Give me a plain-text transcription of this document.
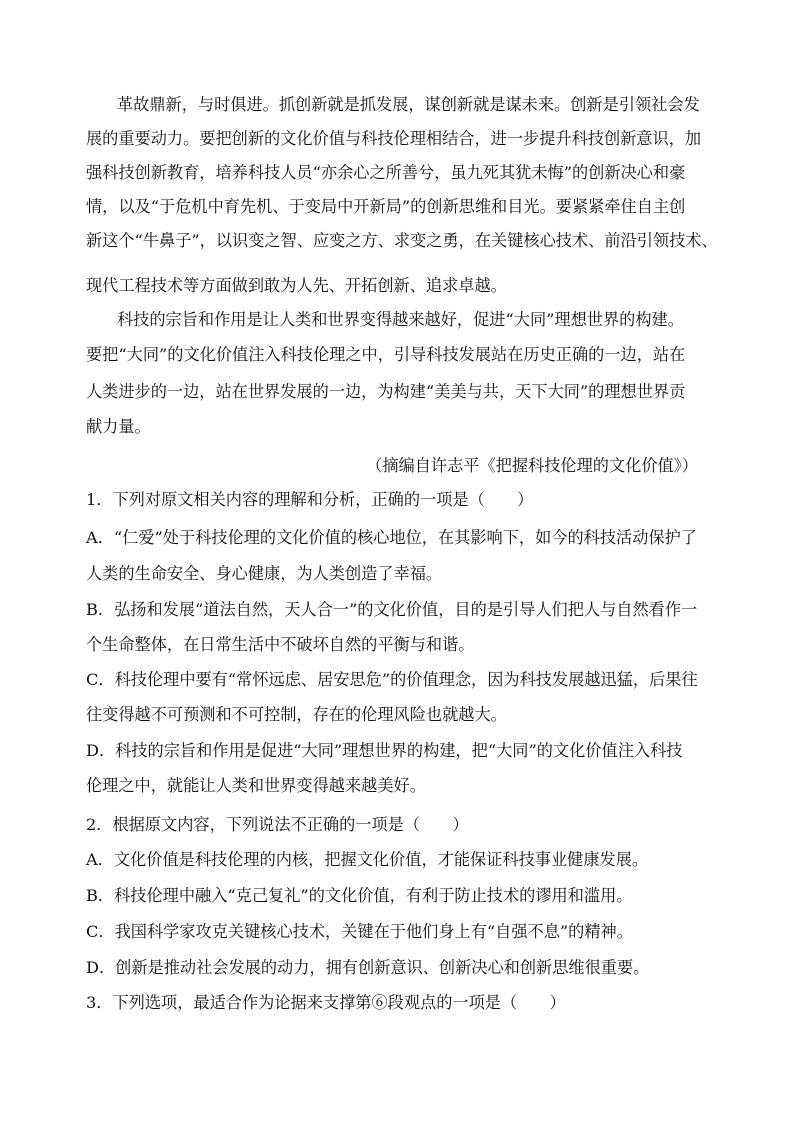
革故鼎新，与时俱进。抓创新就是抓发展，谋创新就是谋未来。创新是引领社会发
展的重要动力。要把创新的文化价值与科技伦理相结合，进一步提升科技创新意识，加
强科技创新教育，培养科技人员“亦余心之所善兮，虽九死其犹未悔”的创新决心和豪
情，以及“于危机中育先机、于变局中开新局”的创新思维和目光。要紧紧牵住自主创
新这个“牛鼻子”，以识变之智、应变之方、求变之勇，在关键核心技术、前沿引领技术、
现代工程技术等方面做到敢为人先、开拓创新、追求卓越。
科技的宗旨和作用是让人类和世界变得越来越好，促进“大同”理想世界的构建。
要把“大同”的文化价值注入科技伦理之中，引导科技发展站在历史正确的一边，站在
人类进步的一边，站在世界发展的一边，为构建“美美与共，天下大同”的理想世界贡
献力量。
（摘编自许志平《把握科技伦理的文化价值》）
1．下列对原文相关内容的理解和分析，正确的一项是（　　）
A．“仁爱”处于科技伦理的文化价值的核心地位，在其影响下，如今的科技活动保护了
人类的生命安全、身心健康，为人类创造了幸福。
B．弘扬和发展“道法自然，天人合一”的文化价值，目的是引导人们把人与自然看作一
个生命整体，在日常生活中不破坏自然的平衡与和谐。
C．科技伦理中要有“常怀远虑、居安思危”的价值理念，因为科技发展越迅猛，后果往
往变得越不可预测和不可控制，存在的伦理风险也就越大。
D．科技的宗旨和作用是促进“大同”理想世界的构建，把“大同”的文化价值注入科技
伦理之中，就能让人类和世界变得越来越美好。
2．根据原文内容，下列说法不正确的一项是（　　）
A．文化价值是科技伦理的内核，把握文化价值，才能保证科技事业健康发展。
B．科技伦理中融入“克己复礼”的文化价值，有利于防止技术的谬用和滥用。
C．我国科学家攻克关键核心技术，关键在于他们身上有“自强不息”的精神。
D．创新是推动社会发展的动力，拥有创新意识、创新决心和创新思维很重要。
3．下列选项，最适合作为论据来支撑第⑥段观点的一项是（　　）
